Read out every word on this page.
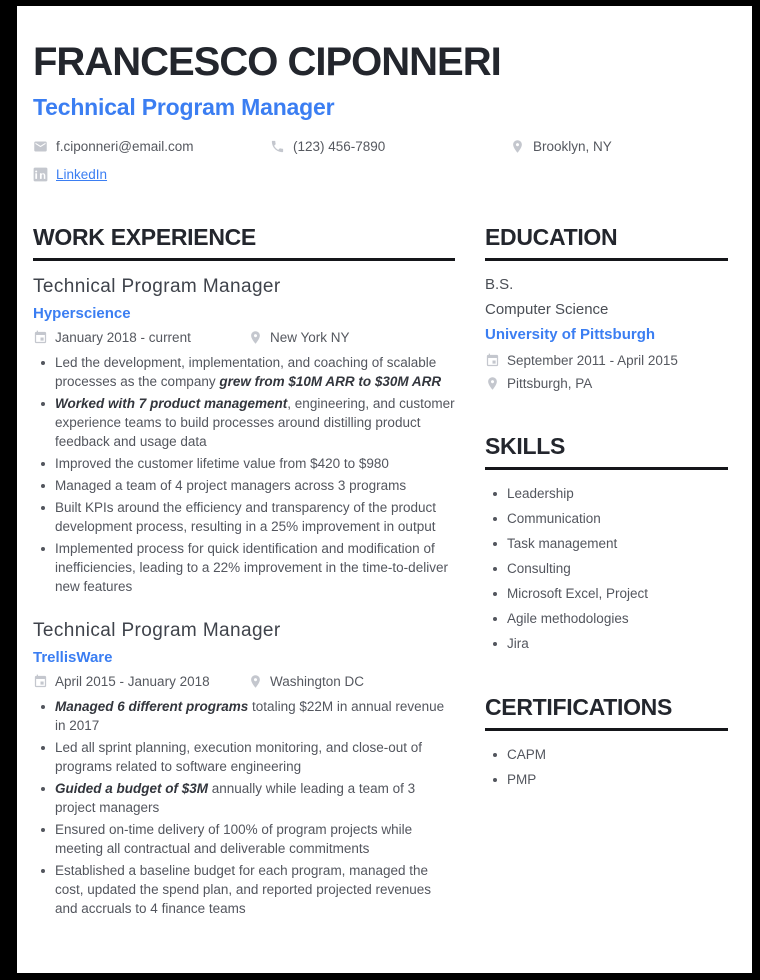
FRANCESCO CIPONNERI
Technical Program Manager
f.ciponneri@email.com	(123) 456-7890	Brooklyn, NY
LinkedIn
WORK EXPERIENCE
Technical Program Manager
Hyperscience
January 2018 - current	New York NY
Led the development, implementation, and coaching of scalable processes as the company grew from $10M ARR to $30M ARR
Worked with 7 product management, engineering, and customer experience teams to build processes around distilling product feedback and usage data
Improved the customer lifetime value from $420 to $980
Managed a team of 4 project managers across 3 programs
Built KPIs around the efficiency and transparency of the product development process, resulting in a 25% improvement in output
Implemented process for quick identification and modification of inefficiencies, leading to a 22% improvement in the time-to-deliver new features
Technical Program Manager
TrellisWare
April 2015 - January 2018	Washington DC
Managed 6 different programs totaling $22M in annual revenue in 2017
Led all sprint planning, execution monitoring, and close-out of programs related to software engineering
Guided a budget of $3M annually while leading a team of 3 project managers
Ensured on-time delivery of 100% of program projects while meeting all contractual and deliverable commitments
Established a baseline budget for each program, managed the cost, updated the spend plan, and reported projected revenues and accruals to 4 finance teams
EDUCATION
B.S.
Computer Science
University of Pittsburgh
September 2011 - April 2015
Pittsburgh, PA
SKILLS
Leadership
Communication
Task management
Consulting
Microsoft Excel, Project
Agile methodologies
Jira
CERTIFICATIONS
CAPM
PMP
